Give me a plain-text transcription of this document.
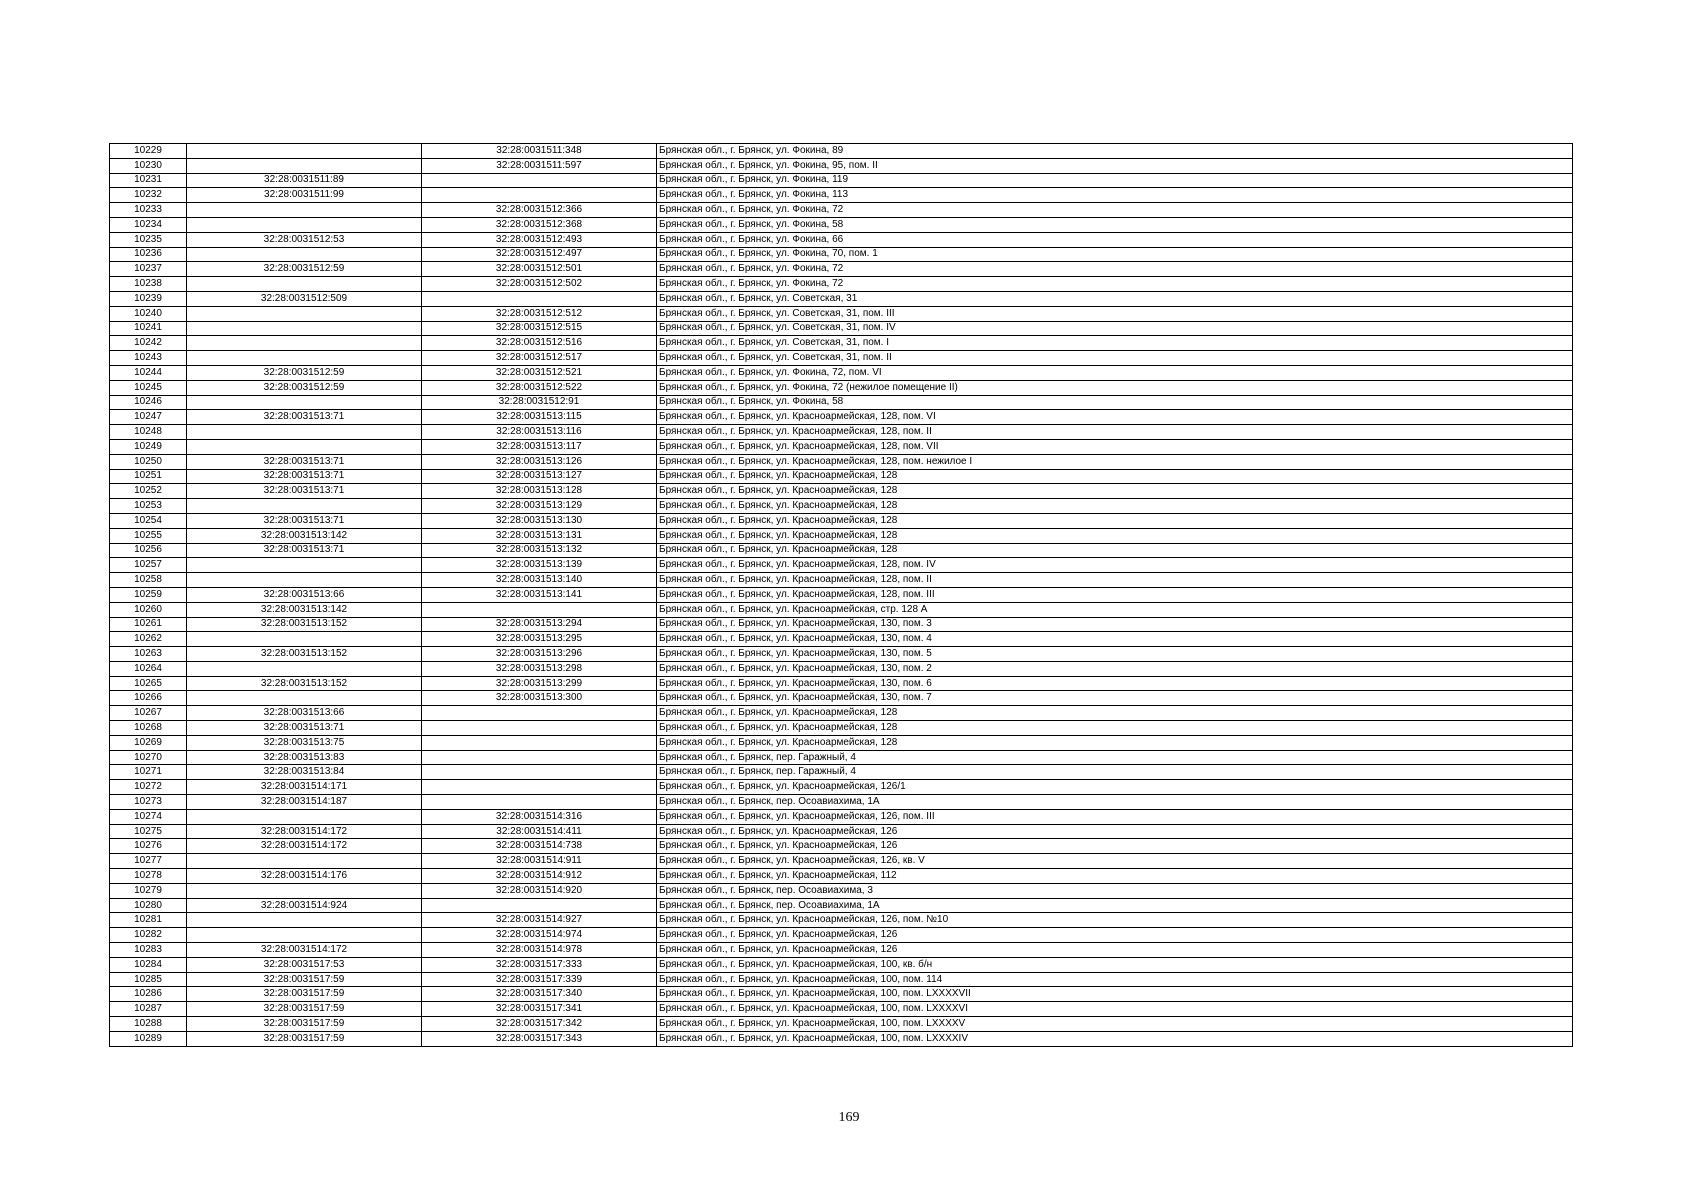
10229		32:28:0031511:348	Брянская обл., г. Брянск, ул. Фокина, 89
10230		32:28:0031511:597	Брянская обл., г. Брянск, ул. Фокина, 95, пом. II
10231	32:28:0031511:89		Брянская обл., г. Брянск, ул. Фокина, 119
10232	32:28:0031511:99		Брянская обл., г. Брянск, ул. Фокина, 113
10233		32:28:0031512:366	Брянская обл., г. Брянск, ул. Фокина, 72
10234		32:28:0031512:368	Брянская обл., г. Брянск, ул. Фокина, 58
10235	32:28:0031512:53	32:28:0031512:493	Брянская обл., г. Брянск, ул. Фокина, 66
10236		32:28:0031512:497	Брянская обл., г. Брянск, ул. Фокина, 70, пом. 1
10237	32:28:0031512:59	32:28:0031512:501	Брянская обл., г. Брянск, ул. Фокина, 72
10238		32:28:0031512:502	Брянская обл., г. Брянск, ул. Фокина, 72
10239	32:28:0031512:509		Брянская обл., г. Брянск, ул. Советская, 31
10240		32:28:0031512:512	Брянская обл., г. Брянск, ул. Советская, 31, пом. III
10241		32:28:0031512:515	Брянская обл., г. Брянск, ул. Советская, 31, пом. IV
10242		32:28:0031512:516	Брянская обл., г. Брянск, ул. Советская, 31, пом. I
10243		32:28:0031512:517	Брянская обл., г. Брянск, ул. Советская, 31, пом. II
10244	32:28:0031512:59	32:28:0031512:521	Брянская обл., г. Брянск, ул. Фокина, 72, пом. VI
10245	32:28:0031512:59	32:28:0031512:522	Брянская обл., г. Брянск, ул. Фокина, 72 (нежилое помещение II)
10246		32:28:0031512:91	Брянская обл., г. Брянск, ул. Фокина, 58
10247	32:28:0031513:71	32:28:0031513:115	Брянская обл., г. Брянск, ул. Красноармейская, 128, пом. VI
10248		32:28:0031513:116	Брянская обл., г. Брянск, ул. Красноармейская, 128, пом. II
10249		32:28:0031513:117	Брянская обл., г. Брянск, ул. Красноармейская, 128, пом. VII
10250	32:28:0031513:71	32:28:0031513:126	Брянская обл., г. Брянск, ул. Красноармейская, 128, пом. нежилое I
10251	32:28:0031513:71	32:28:0031513:127	Брянская обл., г. Брянск, ул. Красноармейская, 128
10252	32:28:0031513:71	32:28:0031513:128	Брянская обл., г. Брянск, ул. Красноармейская, 128
10253		32:28:0031513:129	Брянская обл., г. Брянск, ул. Красноармейская, 128
10254	32:28:0031513:71	32:28:0031513:130	Брянская обл., г. Брянск, ул. Красноармейская, 128
10255	32:28:0031513:142	32:28:0031513:131	Брянская обл., г. Брянск, ул. Красноармейская, 128
10256	32:28:0031513:71	32:28:0031513:132	Брянская обл., г. Брянск, ул. Красноармейская, 128
10257		32:28:0031513:139	Брянская обл., г. Брянск, ул. Красноармейская, 128, пом. IV
10258		32:28:0031513:140	Брянская обл., г. Брянск, ул. Красноармейская, 128, пом. II
10259	32:28:0031513:66	32:28:0031513:141	Брянская обл., г. Брянск, ул. Красноармейская, 128, пом. III
10260	32:28:0031513:142		Брянская обл., г. Брянск, ул. Красноармейская, стр. 128 А
10261	32:28:0031513:152	32:28:0031513:294	Брянская обл., г. Брянск, ул. Красноармейская, 130, пом. 3
10262		32:28:0031513:295	Брянская обл., г. Брянск, ул. Красноармейская, 130, пом. 4
10263	32:28:0031513:152	32:28:0031513:296	Брянская обл., г. Брянск, ул. Красноармейская, 130, пом. 5
10264		32:28:0031513:298	Брянская обл., г. Брянск, ул. Красноармейская, 130, пом. 2
10265	32:28:0031513:152	32:28:0031513:299	Брянская обл., г. Брянск, ул. Красноармейская, 130, пом. 6
10266		32:28:0031513:300	Брянская обл., г. Брянск, ул. Красноармейская, 130, пом. 7
10267	32:28:0031513:66		Брянская обл., г. Брянск, ул. Красноармейская, 128
10268	32:28:0031513:71		Брянская обл., г. Брянск, ул. Красноармейская, 128
10269	32:28:0031513:75		Брянская обл., г. Брянск, ул. Красноармейская, 128
10270	32:28:0031513:83		Брянская обл., г. Брянск, пер. Гаражный, 4
10271	32:28:0031513:84		Брянская обл., г. Брянск, пер. Гаражный, 4
10272	32:28:0031514:171		Брянская обл., г. Брянск, ул. Красноармейская, 126/1
10273	32:28:0031514:187		Брянская обл., г. Брянск, пер. Осоавиахима, 1А
10274		32:28:0031514:316	Брянская обл., г. Брянск, ул. Красноармейская, 126, пом. III
10275	32:28:0031514:172	32:28:0031514:411	Брянская обл., г. Брянск, ул. Красноармейская, 126
10276	32:28:0031514:172	32:28:0031514:738	Брянская обл., г. Брянск, ул. Красноармейская, 126
10277		32:28:0031514:911	Брянская обл., г. Брянск, ул. Красноармейская, 126, кв. V
10278	32:28:0031514:176	32:28:0031514:912	Брянская обл., г. Брянск, ул. Красноармейская, 112
10279		32:28:0031514:920	Брянская обл., г. Брянск, пер. Осоавиахима, 3
10280	32:28:0031514:924		Брянская обл., г. Брянск, пер. Осоавиахима, 1А
10281		32:28:0031514:927	Брянская обл., г. Брянск, ул. Красноармейская, 126, пом. №10
10282		32:28:0031514:974	Брянская обл., г. Брянск, ул. Красноармейская, 126
10283	32:28:0031514:172	32:28:0031514:978	Брянская обл., г. Брянск, ул. Красноармейская, 126
10284	32:28:0031517:53	32:28:0031517:333	Брянская обл., г. Брянск, ул. Красноармейская, 100, кв. б/н
10285	32:28:0031517:59	32:28:0031517:339	Брянская обл., г. Брянск, ул. Красноармейская, 100, пом. 114
10286	32:28:0031517:59	32:28:0031517:340	Брянская обл., г. Брянск, ул. Красноармейская, 100, пом. LXXXXVII
10287	32:28:0031517:59	32:28:0031517:341	Брянская обл., г. Брянск, ул. Красноармейская, 100, пом. LXXXXVI
10288	32:28:0031517:59	32:28:0031517:342	Брянская обл., г. Брянск, ул. Красноармейская, 100, пом. LXXXXV
10289	32:28:0031517:59	32:28:0031517:343	Брянская обл., г. Брянск, ул. Красноармейская, 100, пом. LXXXXIV
169
